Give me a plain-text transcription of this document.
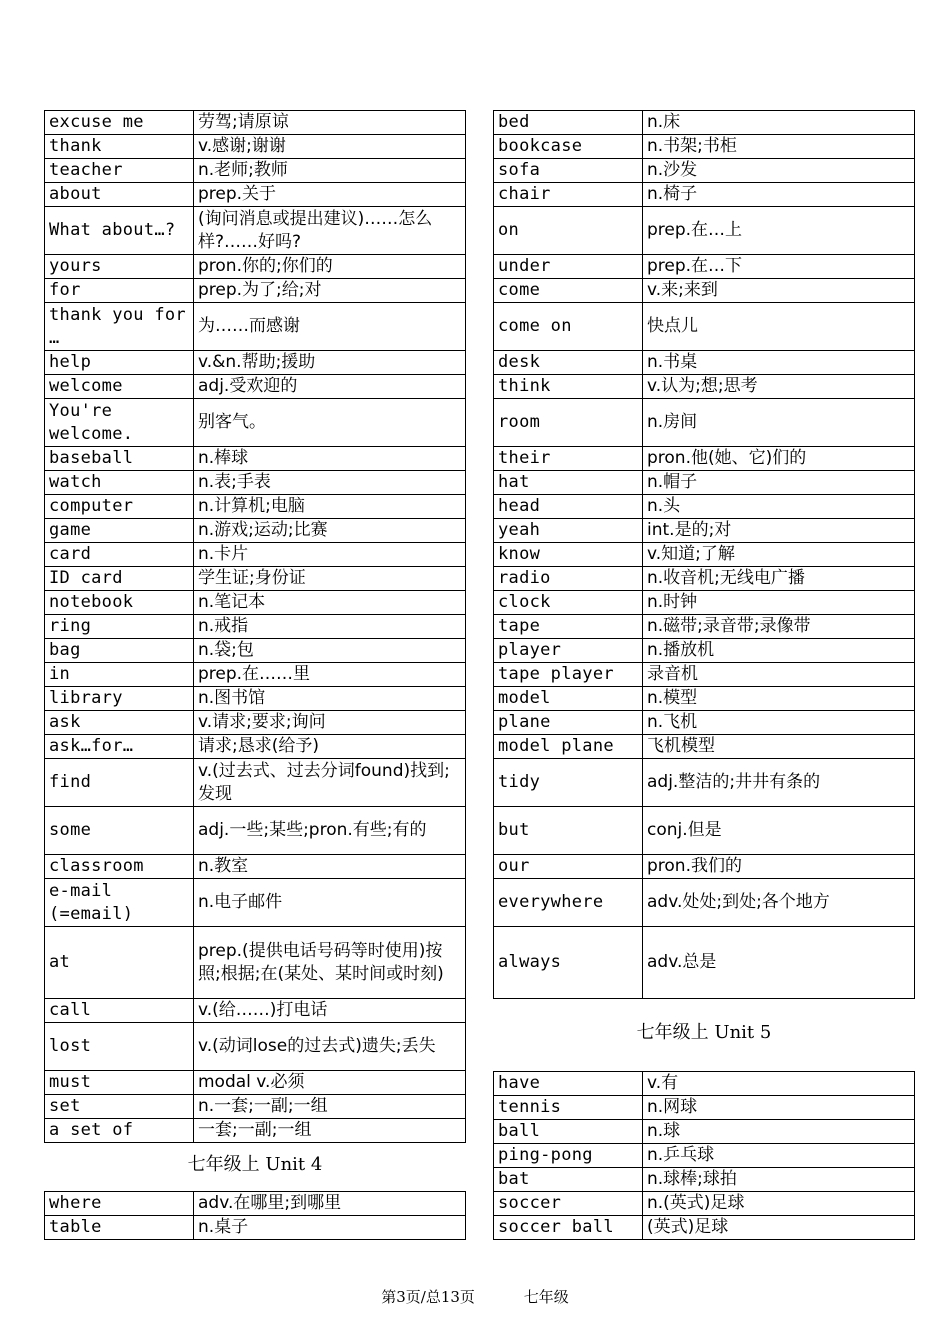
excuse me	劳驾;请原谅
thank	v.感谢;谢谢
teacher	n.老师;教师
about	prep.关于
What about…?	(询问消息或提出建议)……怎么样?……好吗?
yours	pron.你的;你们的
for	prep.为了;给;对
thank you for …	为……而感谢
help	v.&n.帮助;援助
welcome	adj.受欢迎的
You're welcome.	别客气。
baseball	n.棒球
watch	n.表;手表
computer	n.计算机;电脑
game	n.游戏;运动;比赛
card	n.卡片
ID card	学生证;身份证
notebook	n.笔记本
ring	n.戒指
bag	n.袋;包
in	prep.在……里
library	n.图书馆
ask	v.请求;要求;询问
ask…for…	请求;恳求(给予)
find	v.(过去式、过去分词found)找到;发现
some	adj.一些;某些;pron.有些;有的
classroom	n.教室
e-mail (=email)	n.电子邮件
at	prep.(提供电话号码等时使用)按照;根据;在(某处、某时间或时刻)
call	v.(给……)打电话
lost	v.(动词lose的过去式)遗失;丢失
must	modal v.必须
set	n.一套;一副;一组
a set of	一套;一副;一组
七年级上 Unit 4
where	adv.在哪里;到哪里
table	n.桌子
bed	n.床
bookcase	n.书架;书柜
sofa	n.沙发
chair	n.椅子
on	prep.在…上
under	prep.在…下
come	v.来;来到
come on	快点儿
desk	n.书桌
think	v.认为;想;思考
room	n.房间
their	pron.他(她、它)们的
hat	n.帽子
head	n.头
yeah	int.是的;对
know	v.知道;了解
radio	n.收音机;无线电广播
clock	n.时钟
tape	n.磁带;录音带;录像带
player	n.播放机
tape player	录音机
model	n.模型
plane	n.飞机
model plane	飞机模型
tidy	adj.整洁的;井井有条的
but	conj.但是
our	pron.我们的
everywhere	adv.处处;到处;各个地方
always	adv.总是
七年级上 Unit 5
have	v.有
tennis	n.网球
ball	n.球
ping-pong	n.乒乓球
bat	n.球棒;球拍
soccer	n.(英式)足球
soccer ball	(英式)足球
第3页/总13页	七年级
